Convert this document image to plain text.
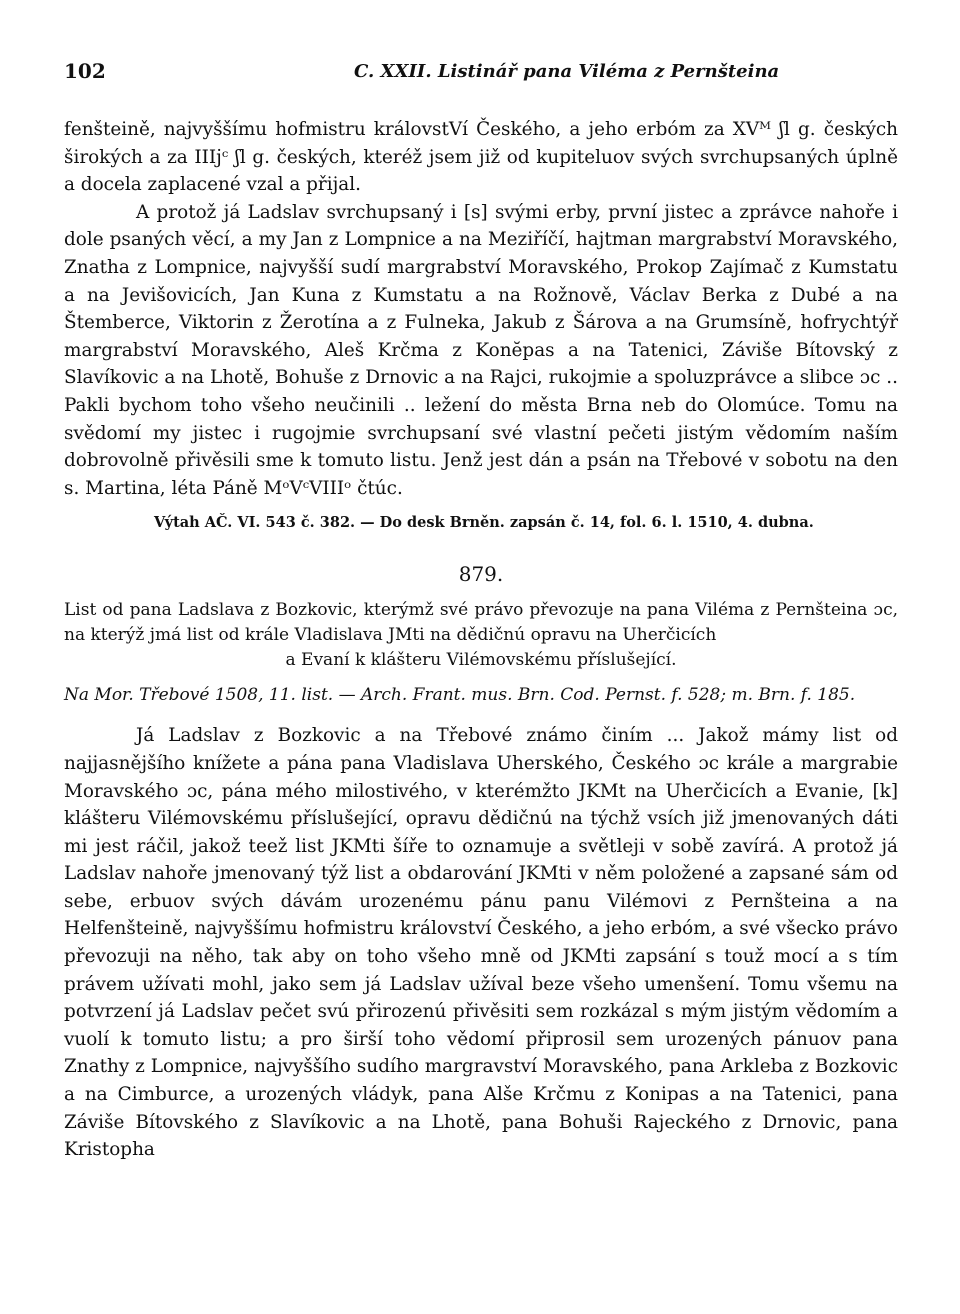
102	C. XXII. Listinář pana Viléma z Pernšteina

fenšteině, najvyššímu hofmistru královstVí Českého, a jeho erbóm za XVᴹ ʃl g. českých širokých a za IIIj̇ᶜ ʃl g. českých, kteréž jsem již od kupiteluov svých svrchupsaných úplně a docela zaplacené vzal a přijal.

A protož já Ladslav svrchupsaný i [s] svými erby, první jistec a zprávce nahoře i dole psaných věcí, a my Jan z Lompnice a na Meziříčí, hajtman margrabství Moravského, Znatha z Lompnice, najvyšší sudí margrabství Moravského, Prokop Zajímač z Kumstatu a na Jevišovicích, Jan Kuna z Kumstatu a na Rožnově, Václav Berka z Dubé a na Štemberce, Viktorin z Žerotína a z Fulneka, Jakub z Šárova a na Grumsíně, hofrychtýř margrabství Moravského, Aleš Krčma z Konĕpas a na Tatenici, Záviše Bítovský z Slavíkovic a na Lhotě, Bohuše z Drnovic a na Rajci, rukojmie a spoluzprávce a slibce ɔc .. Pakli bychom toho všeho neučinili .. ležení do města Brna neb do Olomúce. Tomu na svědomí my jistec i rugojmie svrchupsaní své vlastní pečeti jistým vědomím naším dobrovolně přivěsili sme k tomuto listu. Jenž jest dán a psán na Třebové v sobotu na den s. Martina, léta Páně MᵒVᶜVIIIᵒ čtúc.

Výtah AČ. VI. 543 č. 382. — Do desk Brněn. zapsán č. 14, fol. 6. l. 1510, 4. dubna.

879.

List od pana Ladslava z Bozkovic, kterýmž své právo převozuje na pana Viléma z Pernšteina ɔc, na kterýž jmá list od krále Vladislava JMti na dědičnú opravu na Uherčicích

a Evaní k klášteru Vilémovskému příslušející.

Na Mor. Třebové 1508, 11. list. — Arch. Frant. mus. Brn. Cod. Pernst. f. 528; m. Brn. f. 185.

Já Ladslav z Bozkovic a na Třebové známo činím ... Jakož mámy list od najjasnějšího knížete a pána pana Vladislava Uherského, Českého ɔc krále a margrabie Moravského ɔc, pána mého milostivého, v kterémžto JKMt na Uherčicích a Evanie, [k] klášteru Vilémovskému příslušející, opravu dědičnú na týchž vsích již jmenovaných dáti mi jest ráčil, jakož teež list JKMti šíře to oznamuje a světleji v sobě zavírá. A protož já Ladslav nahoře jmenovaný týž list a obdarování JKMti v něm položené a zapsané sám od sebe, erbuov svých dávám urozenému pánu panu Vilémovi z Pernšteina a na Helfenšteině, najvyššímu hofmistru království Českého, a jeho erbóm, a své všecko právo převozuji na něho, tak aby on toho všeho mně od JKMti zapsání s touž mocí a s tím právem užívati mohl, jako sem já Ladslav užíval beze všeho umenšení. Tomu všemu na potvrzení já Ladslav pečet svú přirozenú přivěsiti sem rozkázal s mým jistým vědomím a vuolí k tomuto listu; a pro širší toho vědomí připrosil sem urozených pánuov pana Znathy z Lompnice, najvyššího sudího margravství Moravského, pana Arkleba z Bozkovic a na Cimburce, a urozených vládyk, pana Alše Krčmu z Konipas a na Tatenici, pana Záviše Bítovského z Slavíkovic a na Lhotě, pana Bohuši Rajeckého z Drnovic, pana Kristopha
